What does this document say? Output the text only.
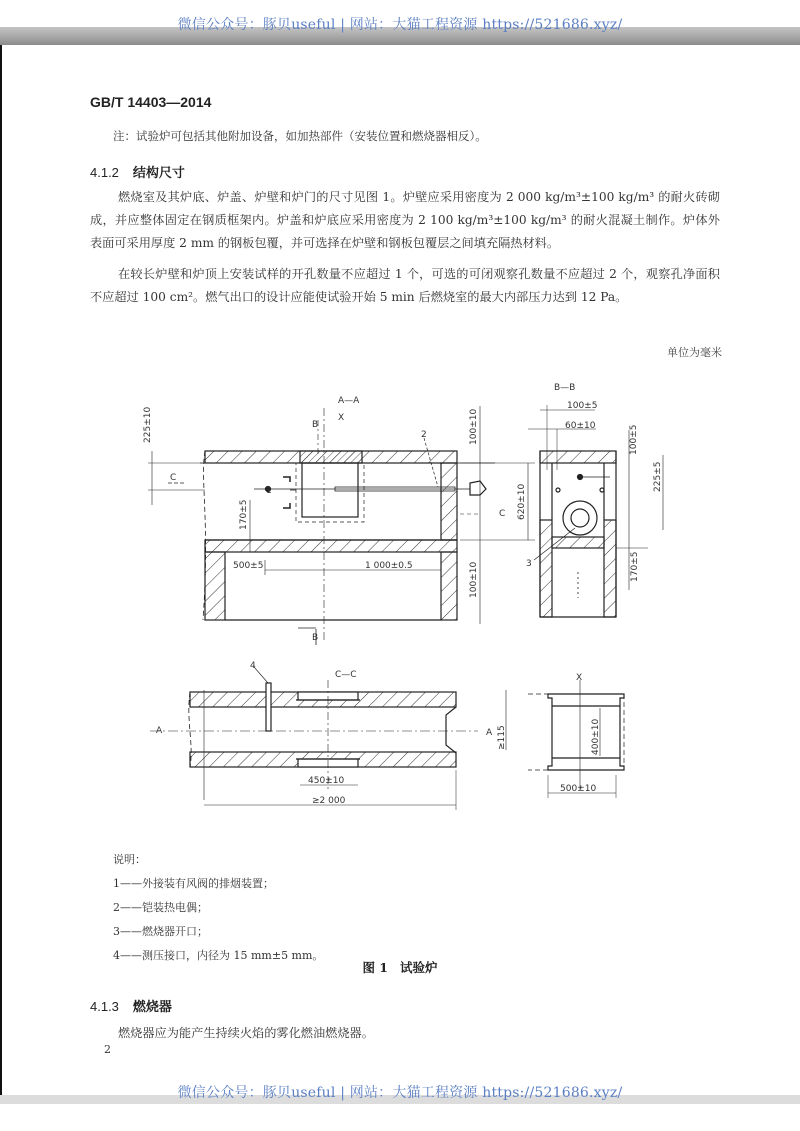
微信公众号：豚贝useful | 网站：大猫工程资源 https://521686.xyz/
GB/T 14403—2014
注：试验炉可包括其他附加设备，如加热部件（安装位置和燃烧器相反）。
4.1.2 结构尺寸
燃烧室及其炉底、炉盖、炉壁和炉门的尺寸见图 1。炉壁应采用密度为 2 000 kg/m³±100 kg/m³ 的耐火砖砌成，并应整体固定在钢质框架内。炉盖和炉底应采用密度为 2 100 kg/m³±100 kg/m³ 的耐火混凝土制作。炉体外表面可采用厚度 2 mm 的钢板包覆，并可选择在炉壁和钢板包覆层之间填充隔热材料。
在较长炉壁和炉顶上安装试样的开孔数量不应超过 1 个，可选的可闭观察孔数量不应超过 2 个，观察孔净面积不应超过 100 cm²。燃气出口的设计应能使试验开始 5 min 后燃烧室的最大内部压力达到 12 Pa。
单位为毫米
A—A
X
B
B
C
C
2
1
3
4
B—B
C—C	X
A	A
500±5	1 000±0.5
100±5
60±10
450±10
≥2 000
500±10
225±10
170±5
100±10
620±10
100±10
100±5
225±5
170±5
≥115	400±10
说明：
1——外接装有风阀的排烟装置；
2——铠装热电偶；
3——燃烧器开口；
4——测压接口，内径为 15 mm±5 mm。
图 1 试验炉
4.1.3 燃烧器
燃烧器应为能产生持续火焰的雾化燃油燃烧器。
2
微信公众号：豚贝useful | 网站：大猫工程资源 https://521686.xyz/
